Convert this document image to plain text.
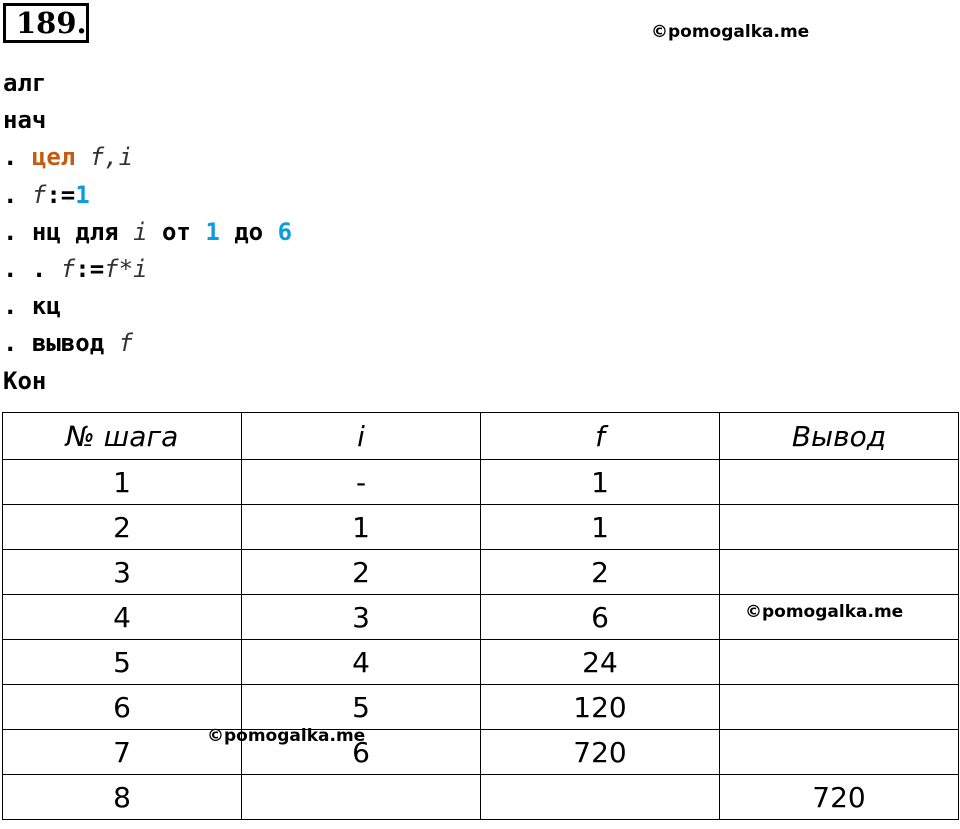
189.	©pomogalka.me
алг
нач
. цел f,i
. f:=1
. нц для i от 1 до 6
. . f:=f*i
. кц
. вывод f
Кон
№ шага	i	f	Вывод
1	-	1	
2	1	1	
3	2	2	
4	3	6	
5	4	24	
6	5	120	
7	6	720	
8			720
©pomogalka.me
©pomogalka.me
